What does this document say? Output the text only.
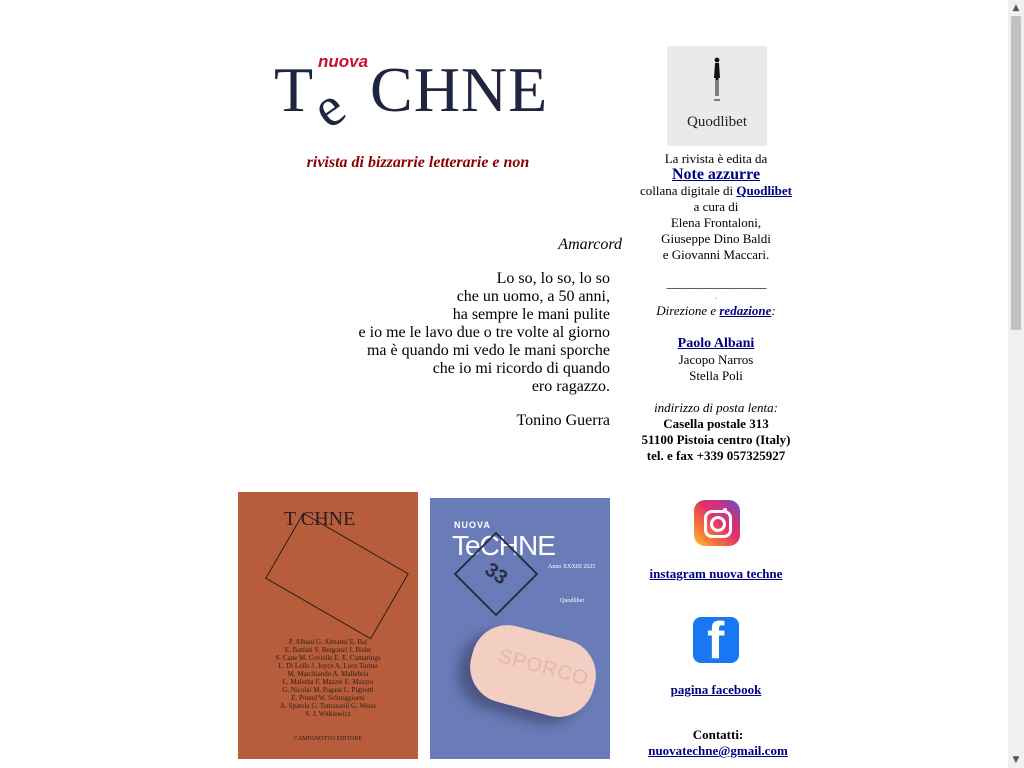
nuova
T
e CHNE
rivista di bizzarrie letterarie e non
Amarcord
Lo so, lo so, lo so
che un uomo, a 50 anni,
ha sempre le mani pulite
e io me le lavo due o tre volte al giorno
ma è quando mi vedo le mani sporche
che io mi ricordo di quando
ero ragazzo.
Tonino Guerra
Quodlibet
La rivista è edita da
Note azzurre
collana digitale di Quodlibet
a cura di
Elena Frontaloni,
Giuseppe Dino Baldi
e Giovanni Maccari.
__________________
.
Direzione e redazione:
Paolo Albani
Jacopo Narros
Stella Poli
indirizzo di posta lenta:
Casella postale 313
51100 Pistoia centro (Italy)
tel. e fax +339 057325927
T CHNE
P. Albani G. Almansi E. Baj
E. Battisti S. Bergonzi J. Bishe
S. Cane M. Covielle E. E. Cumarings
L. Di Lello J. Joyce A. Luce Torino
M. Marchiando A. Mallebria
L. Malerba F. Mazzei E. Mazzoi
G. Nicolai M. Pagani L. Pignotti
E. Pound W. Schroggiorni
A. Spatola G. Tomasuoli G. Weiss
S. J. Witkiewicz
CAMPANOTTO EDITORE
NUOVA
TeCHNE
33	Anno XXXIII 2025
Quodlibet
SPORCO
instagram nuova techne
f
pagina facebook
Contatti:
nuovatechne@gmail.com
▲
▼
